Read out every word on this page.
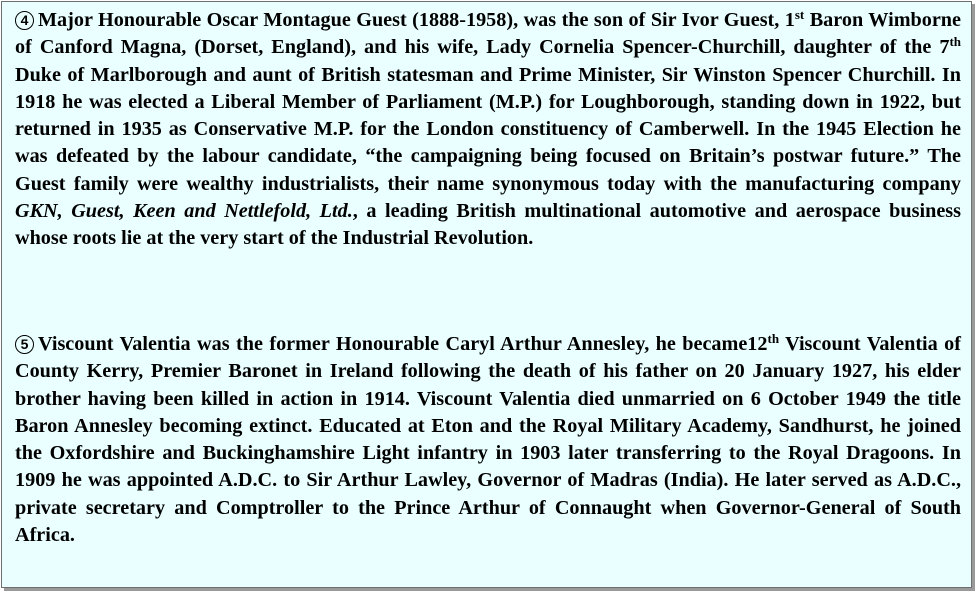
4 Major Honourable Oscar Montague Guest (1888-1958), was the son of Sir Ivor Guest, 1st Baron Wimborne of Canford Magna, (Dorset, England), and his wife, Lady Cornelia Spencer-Churchill, daughter of the 7th Duke of Marlborough and aunt of British statesman and Prime Minister, Sir Winston Spencer Churchill. In 1918 he was elected a Liberal Member of Parliament (M.P.) for Loughborough, standing down in 1922, but returned in 1935 as Conservative M.P. for the London constituency of Camberwell. In the 1945 Election he was defeated by the labour candidate, “the campaigning being focused on Britain’s postwar future.” The Guest family were wealthy industrialists, their name synonymous today with the manufacturing company GKN, Guest, Keen and Nettlefold, Ltd., a leading British multinational automotive and aerospace business whose roots lie at the very start of the Industrial Revolution.

5 Viscount Valentia was the former Honourable Caryl Arthur Annesley, he became12th Viscount Valentia of County Kerry, Premier Baronet in Ireland following the death of his father on 20 January 1927, his elder brother having been killed in action in 1914. Viscount Valentia died unmarried on 6 October 1949 the title Baron Annesley becoming extinct. Educated at Eton and the Royal Military Academy, Sandhurst, he joined the Oxfordshire and Buckinghamshire Light infantry in 1903 later transferring to the Royal Dragoons. In 1909 he was appointed A.D.C. to Sir Arthur Lawley, Governor of Madras (India). He later served as A.D.C., private secretary and Comptroller to the Prince Arthur of Connaught when Governor-General of South Africa.
